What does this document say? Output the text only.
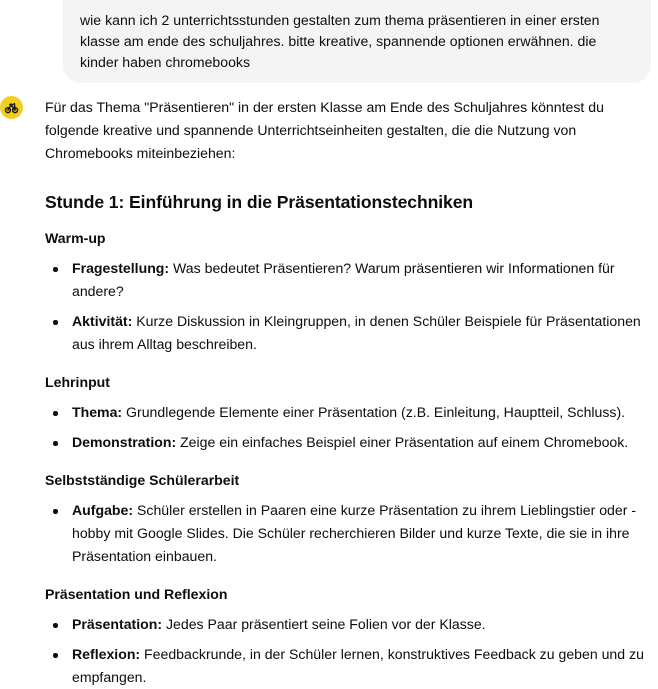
wie kann ich 2 unterrichtsstunden gestalten zum thema präsentieren in einer ersten klasse am ende des schuljahres. bitte kreative, spannende optionen erwähnen. die kinder haben chromebooks

Für das Thema "Präsentieren" in der ersten Klasse am Ende des Schuljahres könntest du folgende kreative und spannende Unterrichtseinheiten gestalten, die die Nutzung von Chromebooks miteinbeziehen:

Stunde 1: Einführung in die Präsentationstechniken
Warm-up
Fragestellung: Was bedeutet Präsentieren? Warum präsentieren wir Informationen für andere?
Aktivität: Kurze Diskussion in Kleingruppen, in denen Schüler Beispiele für Präsentationen aus ihrem Alltag beschreiben.
Lehrinput
Thema: Grundlegende Elemente einer Präsentation (z.B. Einleitung, Hauptteil, Schluss).
Demonstration: Zeige ein einfaches Beispiel einer Präsentation auf einem Chromebook.
Selbstständige Schülerarbeit
Aufgabe: Schüler erstellen in Paaren eine kurze Präsentation zu ihrem Lieblingstier oder -hobby mit Google Slides. Die Schüler recherchieren Bilder und kurze Texte, die sie in ihre Präsentation einbauen.
Präsentation und Reflexion
Präsentation: Jedes Paar präsentiert seine Folien vor der Klasse.
Reflexion: Feedbackrunde, in der Schüler lernen, konstruktives Feedback zu geben und zu empfangen.
